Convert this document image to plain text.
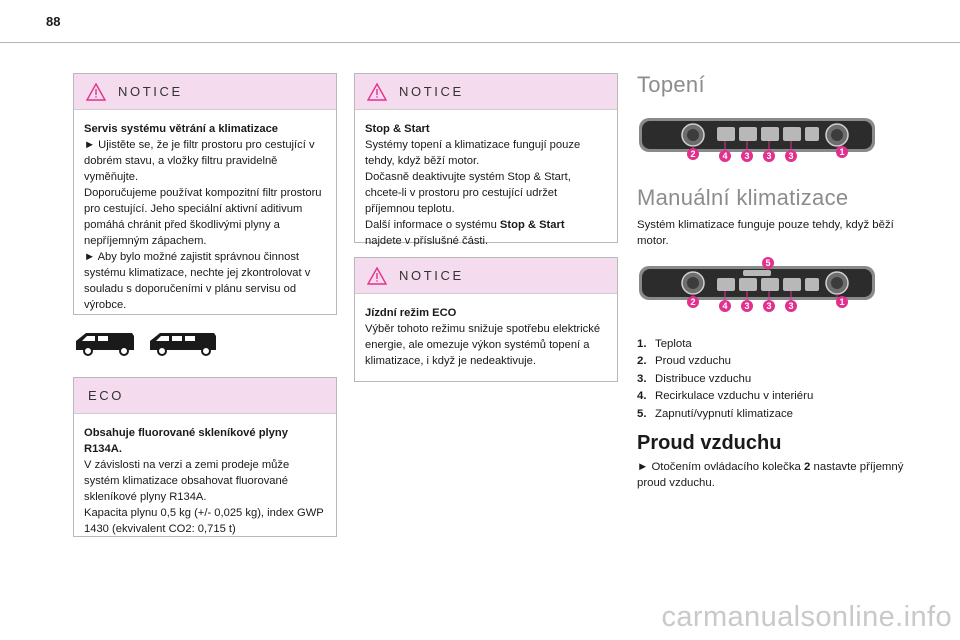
88
NOTICE

Servis systému větrání a klimatizace

► Ujistěte se, že je filtr prostoru pro cestující v dobrém stavu, a vložky filtru pravidelně vyměňujte.

Doporučujeme používat kompozitní filtr prostoru pro cestující. Jeho speciální aktivní aditivum pomáhá chránit před škodlivými plyny a nepříjemným zápachem.

► Aby bylo možné zajistit správnou činnost systému klimatizace, nechte jej zkontrolovat v souladu s doporučeními v plánu servisu od výrobce.

ECO

Obsahuje fluorované skleníkové plyny R134A.

V závislosti na verzi a zemi prodeje může systém klimatizace obsahovat fluorované skleníkové plyny R134A.

Kapacita plynu 0,5 kg (+/- 0,025 kg), index GWP 1430 (ekvivalent CO2: 0,715 t)

NOTICE

Stop & Start

Systémy topení a klimatizace fungují pouze tehdy, když běží motor.

Dočasně deaktivujte systém Stop & Start, chcete-li v prostoru pro cestující udržet příjemnou teplotu.

Další informace o systému Stop & Start
najdete v příslušné části.

NOTICE

Jízdní režim ECO

Výběr tohoto režimu snižuje spotřebu elektrické energie, ale omezuje výkon systémů topení a klimatizace, i když je nedeaktivuje.

Topení
2	4 3 3 3	1
Manuální klimatizace
Systém klimatizace funguje pouze tehdy, když běží motor.
5
2	4 3 3 3	1
1. Teplota
2. Proud vzduchu
3. Distribuce vzduchu
4. Recirkulace vzduchu v interiéru
5. Zapnutí/vypnutí klimatizace
Proud vzduchu
► Otočením ovládacího kolečka 2 nastavte příjemný proud vzduchu.
carmanualsonline.info
